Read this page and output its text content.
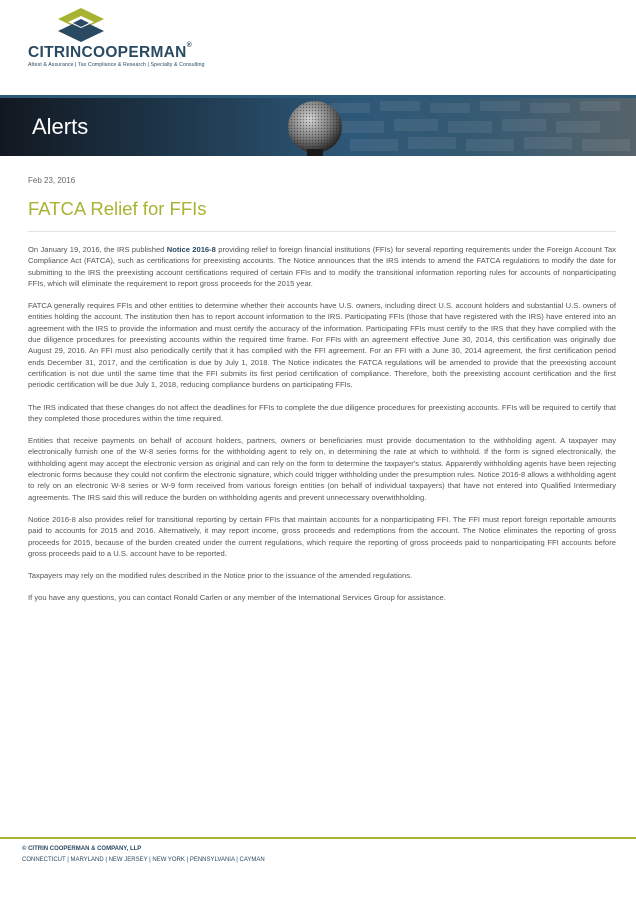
CITRINCOOPERMAN®
Attest & Assurance | Tax Compliance & Research | Specialty & Consulting
Alerts
Feb 23, 2016
FATCA Relief for FFIs

On January 19, 2016, the IRS published Notice 2016-8 providing relief to foreign financial institutions (FFIs) for several reporting requirements under the Foreign Account Tax Compliance Act (FATCA), such as certifications for preexisting accounts. The Notice announces that the IRS intends to amend the FATCA regulations to modify the date for submitting to the IRS the preexisting account certifications required of certain FFIs and to modify the transitional information reporting rules for accounts of nonparticipating FFIs, which will eliminate the requirement to report gross proceeds for the 2015 year.

FATCA generally requires FFIs and other entities to determine whether their accounts have U.S. owners, including direct U.S. account holders and substantial U.S. owners of entities holding the account. The institution then has to report account information to the IRS. Participating FFIs (those that have registered with the IRS) have entered into an agreement with the IRS to provide the information and must certify the accuracy of the information. Participating FFIs must certify to the IRS that they have complied with the due diligence procedures for preexisting accounts within the required time frame. For FFIs with an agreement effective June 30, 2014, this certification was originally due August 29, 2016. An FFI must also periodically certify that it has complied with the FFI agreement. For an FFI with a June 30, 2014 agreement, the first certification period ends December 31, 2017, and the certification is due by July 1, 2018. The Notice indicates the FATCA regulations will be amended to provide that the preexisting account certification is not due until the same time that the FFI submits its first period certification of compliance. Therefore, both the preexisting account certification and the first periodic certification will be due July 1, 2018, reducing compliance burdens on participating FFIs.

The IRS indicated that these changes do not affect the deadlines for FFIs to complete the due diligence procedures for preexisting accounts. FFIs will be required to certify that they completed those procedures within the time required.

Entities that receive payments on behalf of account holders, partners, owners or beneficiaries must provide documentation to the withholding agent. A taxpayer may electronically furnish one of the W-8 series forms for the withholding agent to rely on, in determining the rate at which to withhold. If the form is signed electronically, the withholding agent may accept the electronic version as original and can rely on the form to determine the taxpayer's status. Apparently withholding agents have been rejecting electronic forms because they could not confirm the electronic signature, which could trigger withholding under the presumption rules. Notice 2016-8 allows a withholding agent to rely on an electronic W-8 series or W-9 form received from various foreign entities (on behalf of individual taxpayers) that have not entered into Qualified Intermediary agreements. The IRS said this will reduce the burden on withholding agents and prevent unnecessary overwithholding.

Notice 2016-8 also provides relief for transitional reporting by certain FFIs that maintain accounts for a nonparticipating FFI. The FFI must report foreign reportable amounts paid to accounts for 2015 and 2016. Alternatively, it may report income, gross proceeds and redemptions from the account. The Notice eliminates the reporting of gross proceeds for 2015, because of the burden created under the current regulations, which require the reporting of gross proceeds paid to nonparticipating FFI accounts before gross proceeds paid to a U.S. account have to be reported.

Taxpayers may rely on the modified rules described in the Notice prior to the issuance of the amended regulations.

If you have any questions, you can contact Ronald Carlen or any member of the International Services Group for assistance.

© CITRIN COOPERMAN & COMPANY, LLP
CONNECTICUT | MARYLAND | NEW JERSEY | NEW YORK | PENNSYLVANIA | CAYMAN
